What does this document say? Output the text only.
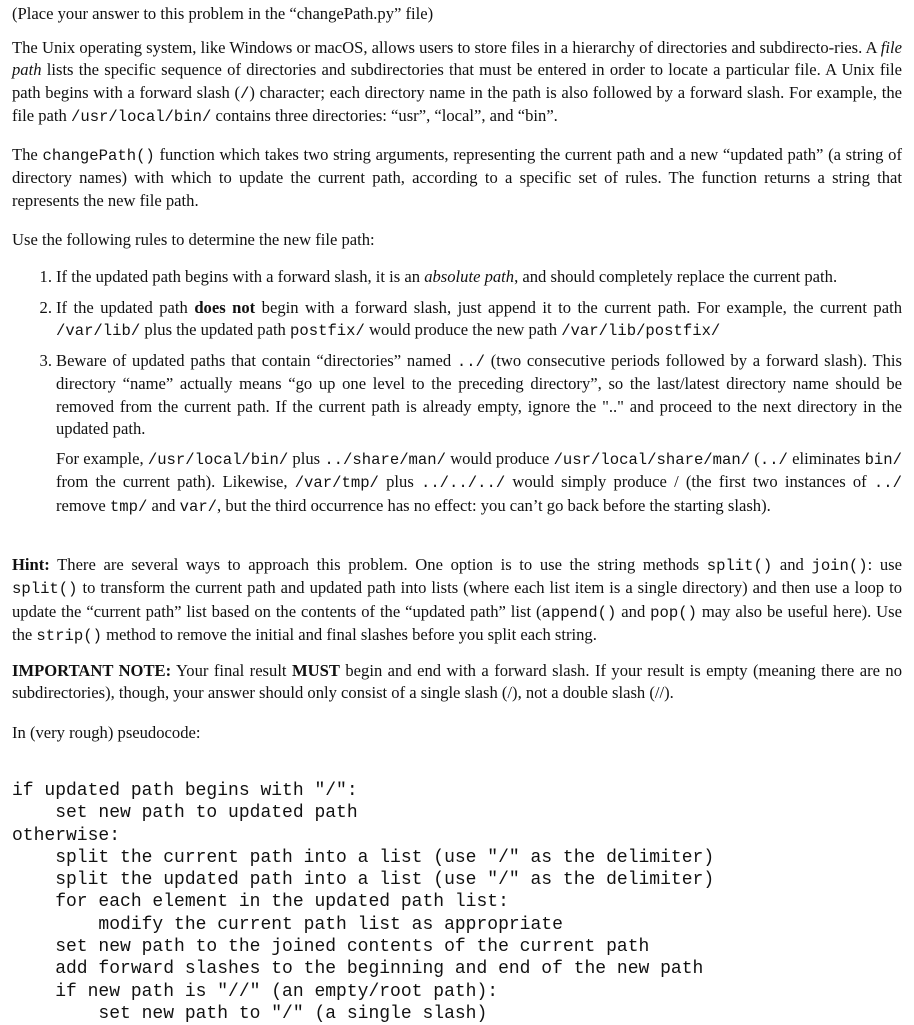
(Place your answer to this problem in the “changePath.py” file)

The Unix operating system, like Windows or macOS, allows users to store files in a hierarchy of directories and subdirecto-ries. A file path lists the specific sequence of directories and subdirectories that must be entered in order to locate a particular file. A Unix file path begins with a forward slash (/) character; each directory name in the path is also followed by a forward slash. For example, the file path /usr/local/bin/ contains three directories: “usr”, “local”, and “bin”.

The changePath() function which takes two string arguments, representing the current path and a new “updated path” (a string of directory names) with which to update the current path, according to a specific set of rules. The function returns a string that represents the new file path.

Use the following rules to determine the new file path:

1. If the updated path begins with a forward slash, it is an absolute path, and should completely replace the current path.

2. If the updated path does not begin with a forward slash, just append it to the current path. For example, the current path /var/lib/ plus the updated path postfix/ would produce the new path /var/lib/postfix/

3. Beware of updated paths that contain “directories” named ../ (two consecutive periods followed by a forward slash). This directory “name” actually means “go up one level to the preceding directory”, so the last/latest directory name should be removed from the current path. If the current path is already empty, ignore the ".." and proceed to the next directory in the updated path.

For example, /usr/local/bin/ plus ../share/man/ would produce /usr/local/share/man/ (../ eliminates bin/ from the current path). Likewise, /var/tmp/ plus ../../../ would simply produce / (the first two instances of ../ remove tmp/ and var/, but the third occurrence has no effect: you can’t go back before the starting slash).

Hint: There are several ways to approach this problem. One option is to use the string methods split() and join(): use split() to transform the current path and updated path into lists (where each list item is a single directory) and then use a loop to update the “current path” list based on the contents of the “updated path” list (append() and pop() may also be useful here). Use the strip() method to remove the initial and final slashes before you split each string.

IMPORTANT NOTE: Your final result MUST begin and end with a forward slash. If your result is empty (meaning there are no subdirectories), though, your answer should only consist of a single slash (/), not a double slash (//).

In (very rough) pseudocode:

if updated path begins with "/":
set new path to updated path
otherwise:
split the current path into a list (use "/" as the delimiter)
split the updated path into a list (use "/" as the delimiter)
for each element in the updated path list:
modify the current path list as appropriate
set new path to the joined contents of the current path
add forward slashes to the beginning and end of the new path
if new path is "//" (an empty/root path):
set new path to "/" (a single slash)
